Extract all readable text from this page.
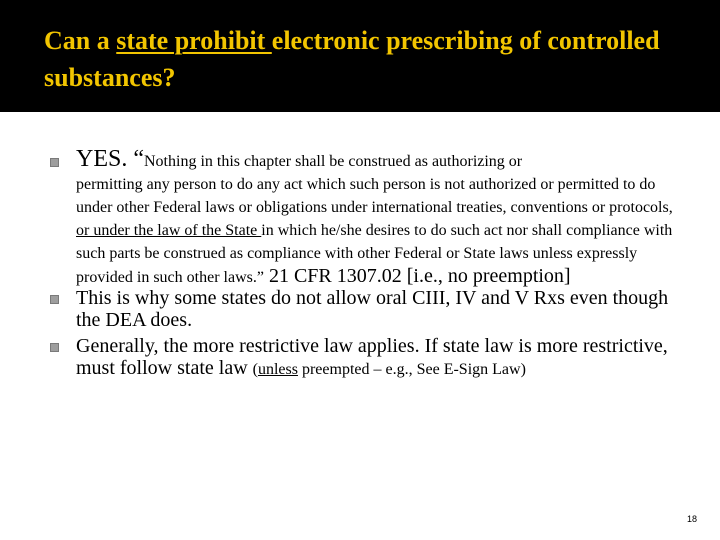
Can a state prohibit electronic prescribing of controlled substances?
YES. “Nothing in this chapter shall be construed as authorizing or
permitting any person to do any act which such person is not authorized or permitted to do under other Federal laws or obligations under international treaties, conventions or protocols, or under the law of the State in which he/she desires to do such act nor shall compliance with such parts be construed as compliance with other Federal or State laws unless expressly provided in such other laws.” 21 CFR 1307.02 [i.e., no preemption]
This is why some states do not allow oral CIII, IV and V Rxs even though the DEA does.
Generally, the more restrictive law applies. If state law is more restrictive, must follow state law (unless preempted – e.g., See E-Sign Law)
18
